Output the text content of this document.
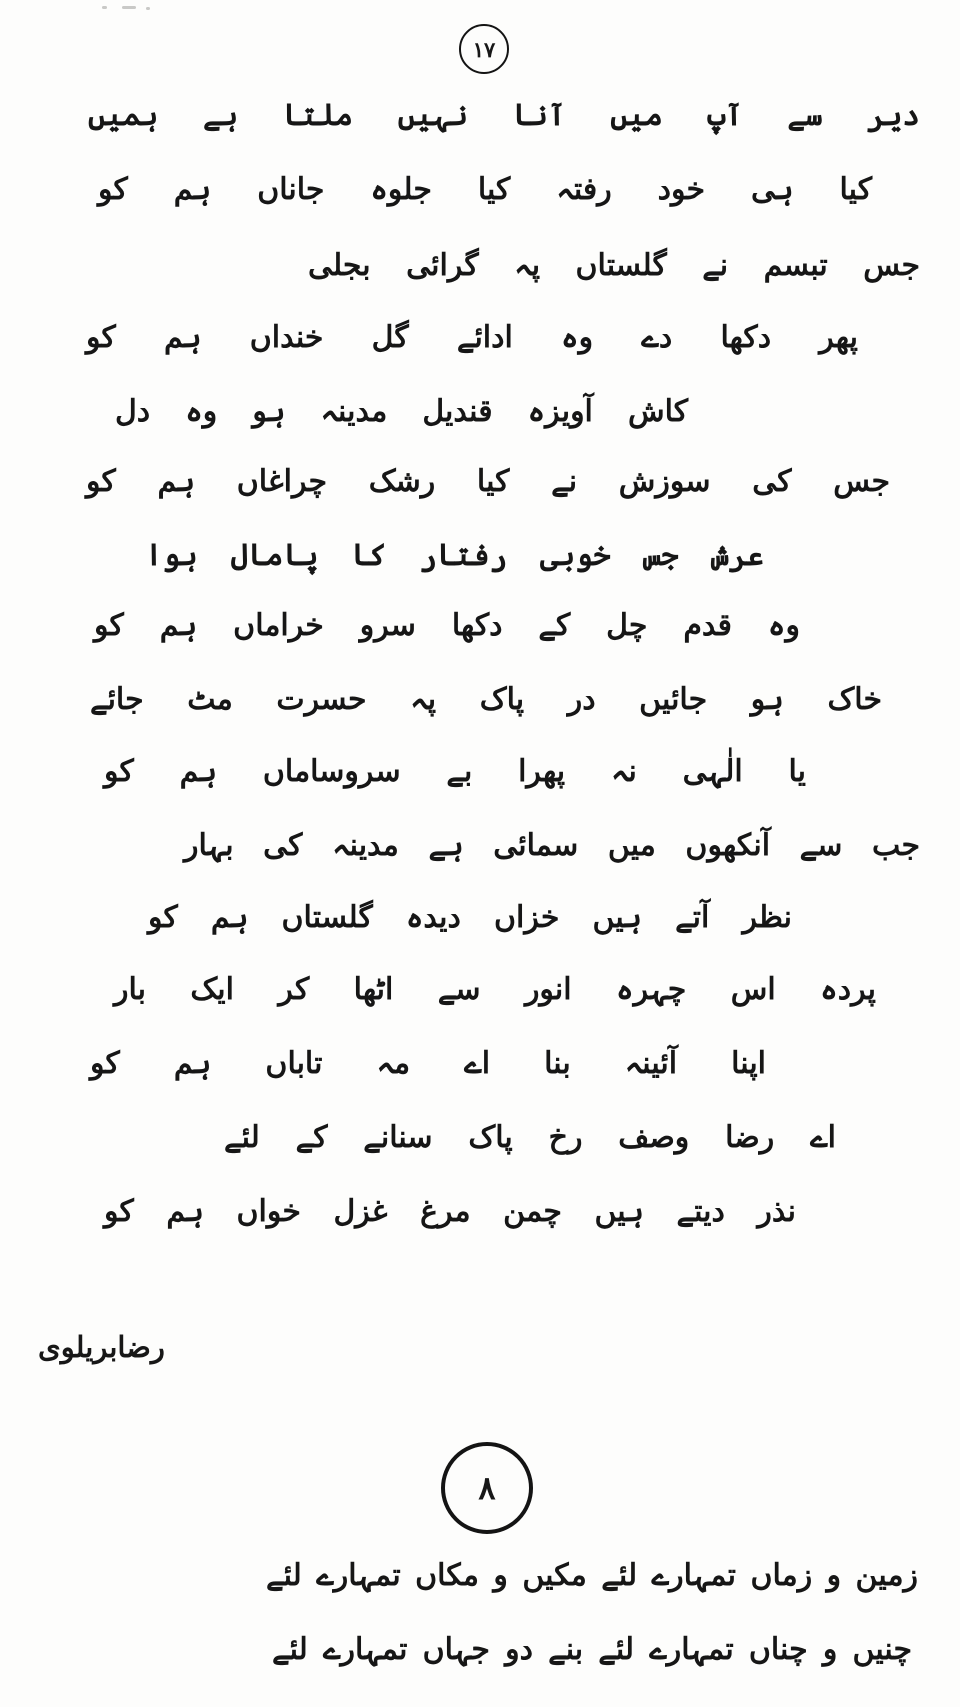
۱۷
دیر سے آپ میں آنا نہیں ملتا ہے ہمیں
کیا ہی خود رفتہ کیا جلوہ جاناں ہم کو
جس تبسم نے گلستاں پہ گرائی بجلی
پھر دکھا دے وہ ادائے گل خنداں ہم کو
کاش آویزہ قندیل مدینہ ہو وہ دل
جس کی سوزش نے کیا رشک چراغاں ہم کو
عرش جس خوبی رفتار کا پامال ہوا
وہ قدم چل کے دکھا سرو خراماں ہم کو
خاک ہو جائیں در پاک پہ حسرت مٹ جائے
یا الٰہی نہ پھرا بے سروساماں ہم کو
جب سے آنکھوں میں سمائی ہے مدینہ کی بہار
نظر آتے ہیں خزاں دیدہ گلستاں ہم کو
پردہ اس چہرہ انور سے اٹھا کر ایک بار
اپنا آئینہ بنا اے مہ تاباں ہم کو
اے رضا وصف رخ پاک سنانے کے لئے
نذر دیتے ہیں چمن مرغ غزل خواں ہم کو
رضابریلوی
۸
زمین و زماں تمہارے لئے مکیں و مکاں تمہارے لئے
چنیں و چناں تمہارے لئے بنے دو جہاں تمہارے لئے
